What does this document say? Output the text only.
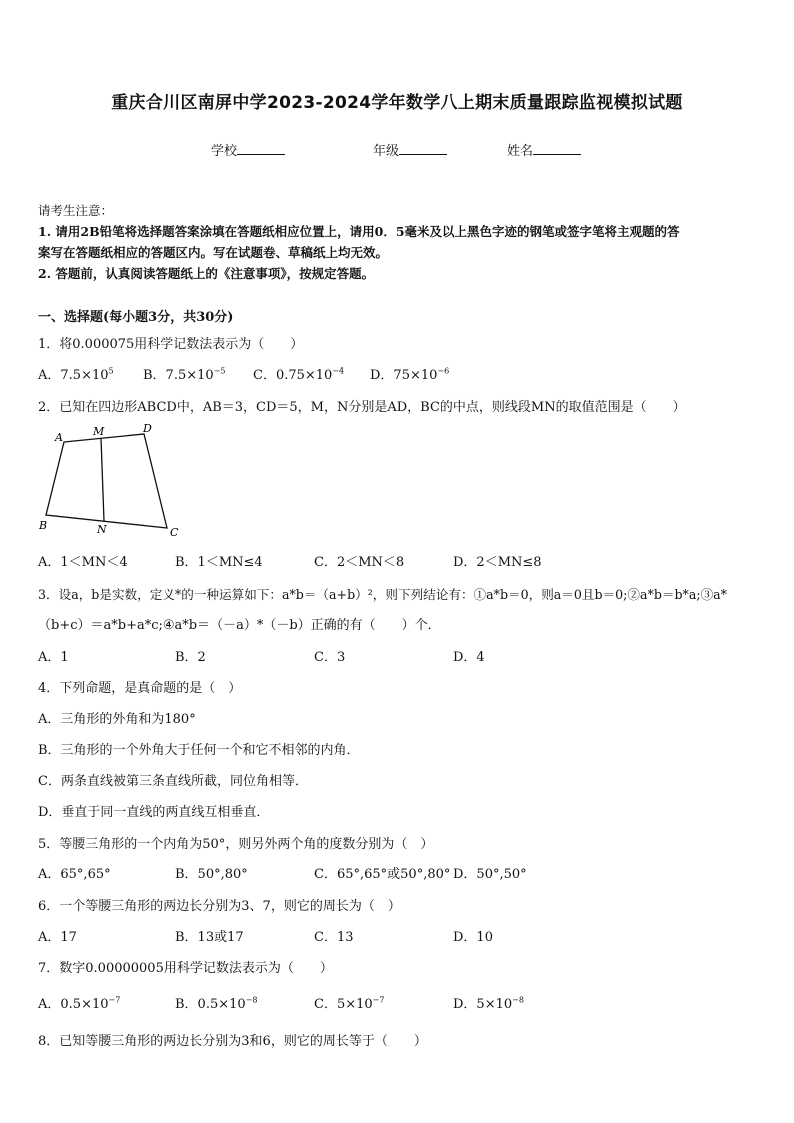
重庆合川区南屏中学2023-2024学年数学八上期末质量跟踪监视模拟试题
学校	年级	姓名
请考生注意：
1. 请用2B铅笔将选择题答案涂填在答题纸相应位置上，请用0．5毫米及以上黑色字迹的钢笔或签字笔将主观题的答
案写在答题纸相应的答题区内。写在试题卷、草稿纸上均无效。
2. 答题前，认真阅读答题纸上的《注意事项》，按规定答题。
一、选择题(每小题3分，共30分)
1．将0.000075用科学记数法表示为（　　）
A．$7.5\times 10^5$ B．$7.5\times 10^{-5}$ C．$0.75\times 10^{-4}$ D．$75\times 10^{-6}$
2．已知在四边形ABCD中，AB＝3，CD＝5，M，N分别是AD，BC的中点，则线段MN的取值范围是（　　）
A	M	D
B	N	C
A．1＜MN＜4	B．1＜MN≤4	C．2＜MN＜8	D．2＜MN≤8
3．设a，b是实数，定义*的一种运算如下：a*b＝（a+b）²，则下列结论有：①a*b＝0，则a＝0且b＝0;②a*b＝b*a;③a*
（b+c）＝a*b+a*c;④a*b＝（－a）*（－b）正确的有（　　）个．
A．1	B．2	C．3	D．4
4．下列命题，是真命题的是（　）
A．三角形的外角和为180°
B．三角形的一个外角大于任何一个和它不相邻的内角．
C．两条直线被第三条直线所截，同位角相等．
D．垂直于同一直线的两直线互相垂直．
5．等腰三角形的一个内角为50°，则另外两个角的度数分别为（　）
A．65°,65°	B．50°,80°	C．65°,65°或50°,80° D．50°,50°
6．一个等腰三角形的两边长分别为3、7，则它的周长为（　）
A．17	B．13或17	C．13	D．10
7．数字0.00000005用科学记数法表示为（　　）
A．$0.5\times 10^{-7}$	B．$0.5\times 10^{-8}$	C．$5\times 10^{-7}$	D．$5\times 10^{-8}$
8．已知等腰三角形的两边长分别为3和6，则它的周长等于（　　）
